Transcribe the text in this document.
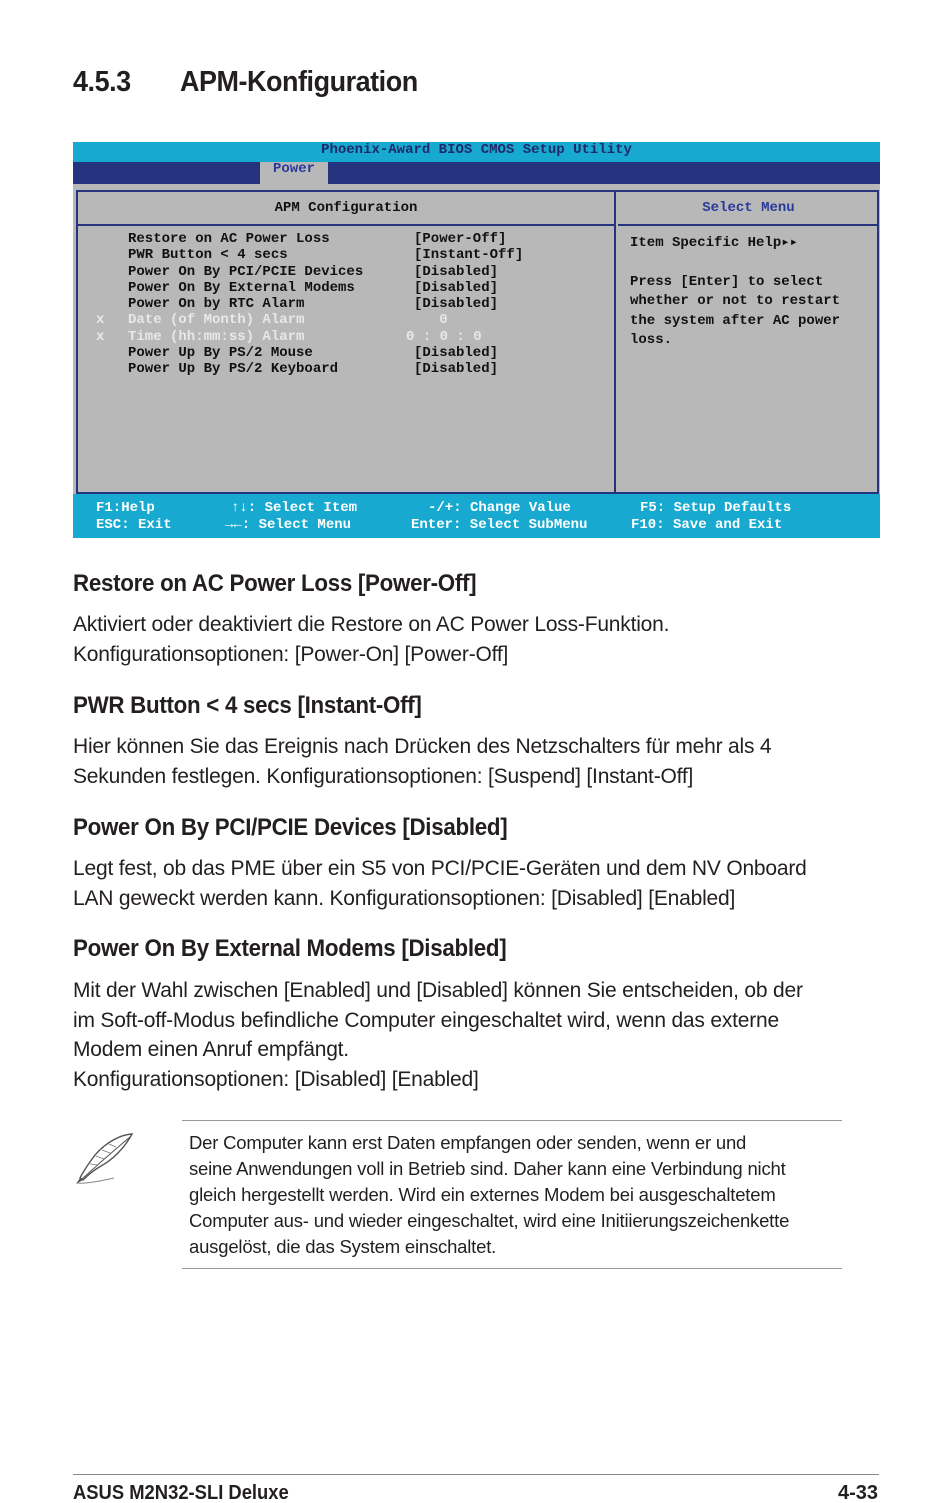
4.5.3 APM-Konfiguration
Phoenix-Award BIOS CMOS Setup Utility
Power
APM Configuration
Restore on AC Power Loss	[Power-Off]
PWR Button < 4 secs	[Instant-Off]
Power On By PCI/PCIE Devices	[Disabled]
Power On By External Modems	[Disabled]
Power On by RTC Alarm	[Disabled]
x Date (of Month) Alarm	0
x Time (hh:mm:ss) Alarm	0 : 0 : 0
Power Up By PS/2 Mouse	[Disabled]
Power Up By PS/2 Keyboard	[Disabled]
Select Menu
Item Specific Help▸▸
Press [Enter] to select
whether or not to restart
the system after AC power
loss.
F1:Help
ESC: Exit
↑↓: Select Item
→←: Select Menu
-/+: Change Value
Enter: Select SubMenu
F5: Setup Defaults
F10: Save and Exit
Restore on AC Power Loss [Power-Off]
Aktiviert oder deaktiviert die Restore on AC Power Loss-Funktion.
Konfigurationsoptionen: [Power-On] [Power-Off]
PWR Button < 4 secs [Instant-Off]
Hier können Sie das Ereignis nach Drücken des Netzschalters für mehr als 4
Sekunden festlegen. Konfigurationsoptionen: [Suspend] [Instant-Off]
Power On By PCI/PCIE Devices [Disabled]
Legt fest, ob das PME über ein S5 von PCI/PCIE-Geräten und dem NV Onboard
LAN geweckt werden kann. Konfigurationsoptionen: [Disabled] [Enabled]
Power On By External Modems [Disabled]
Mit der Wahl zwischen [Enabled] und [Disabled] können Sie entscheiden, ob der
im Soft-off-Modus befindliche Computer eingeschaltet wird, wenn das externe
Modem einen Anruf empfängt.
Konfigurationsoptionen: [Disabled] [Enabled]
Der Computer kann erst Daten empfangen oder senden, wenn er und
seine Anwendungen voll in Betrieb sind. Daher kann eine Verbindung nicht
gleich hergestellt werden. Wird ein externes Modem bei ausgeschaltetem
Computer aus- und wieder eingeschaltet, wird eine Initiierungszeichenkette
ausgelöst, die das System einschaltet.
ASUS M2N32-SLI Deluxe	4-33
